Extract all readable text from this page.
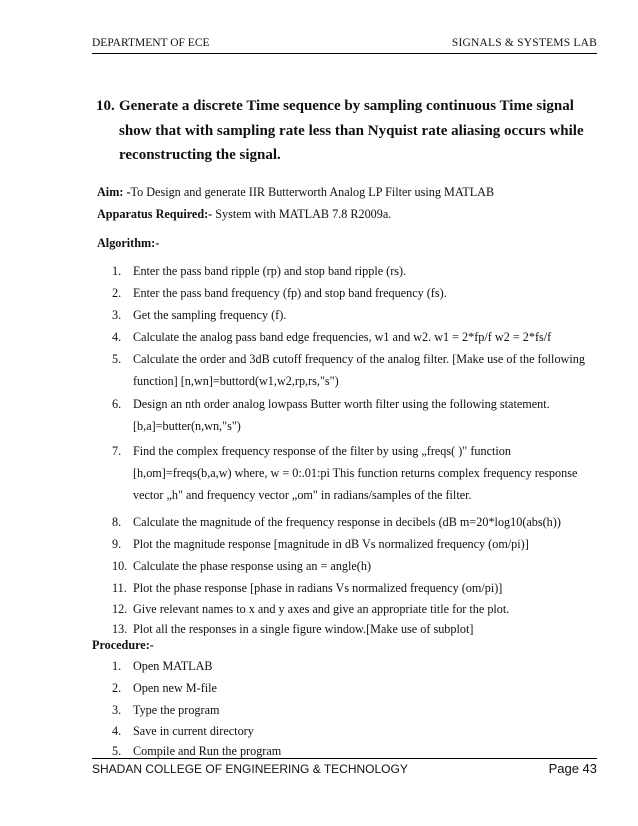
DEPARTMENT OF ECE	SIGNALS & SYSTEMS LAB
10. Generate a discrete Time sequence by sampling continuous Time signal show that with sampling rate less than Nyquist rate aliasing occurs while reconstructing the signal.
Aim: -To Design and generate IIR Butterworth Analog LP Filter using MATLAB
Apparatus Required:- System with MATLAB 7.8 R2009a.
Algorithm:-
1. Enter the pass band ripple (rp) and stop band ripple (rs).
2. Enter the pass band frequency (fp) and stop band frequency (fs).
3. Get the sampling frequency (f).
4. Calculate the analog pass band edge frequencies, w1 and w2. w1 = 2*fp/f w2 = 2*fs/f
5. Calculate the order and 3dB cutoff frequency of the analog filter. [Make use of the following function] [n,wn]=buttord(w1,w2,rp,rs,"s")
6. Design an nth order analog lowpass Butter worth filter using the following statement. [b,a]=butter(n,wn,"s")
7. Find the complex frequency response of the filter by using „freqs( )" function [h,om]=freqs(b,a,w) where, w = 0:.01:pi This function returns complex frequency response vector „h" and frequency vector „om" in radians/samples of the filter.
8. Calculate the magnitude of the frequency response in decibels (dB m=20*log10(abs(h))
9. Plot the magnitude response [magnitude in dB Vs normalized frequency (om/pi)]
10. Calculate the phase response using an = angle(h)
11. Plot the phase response [phase in radians Vs normalized frequency (om/pi)]
12. Give relevant names to x and y axes and give an appropriate title for the plot.
13. Plot all the responses in a single figure window.[Make use of subplot]
Procedure:-
1. Open MATLAB
2. Open new M-file
3. Type the program
4. Save in current directory
5. Compile and Run the program
SHADAN COLLEGE OF ENGINEERING & TECHNOLOGY	Page 43
